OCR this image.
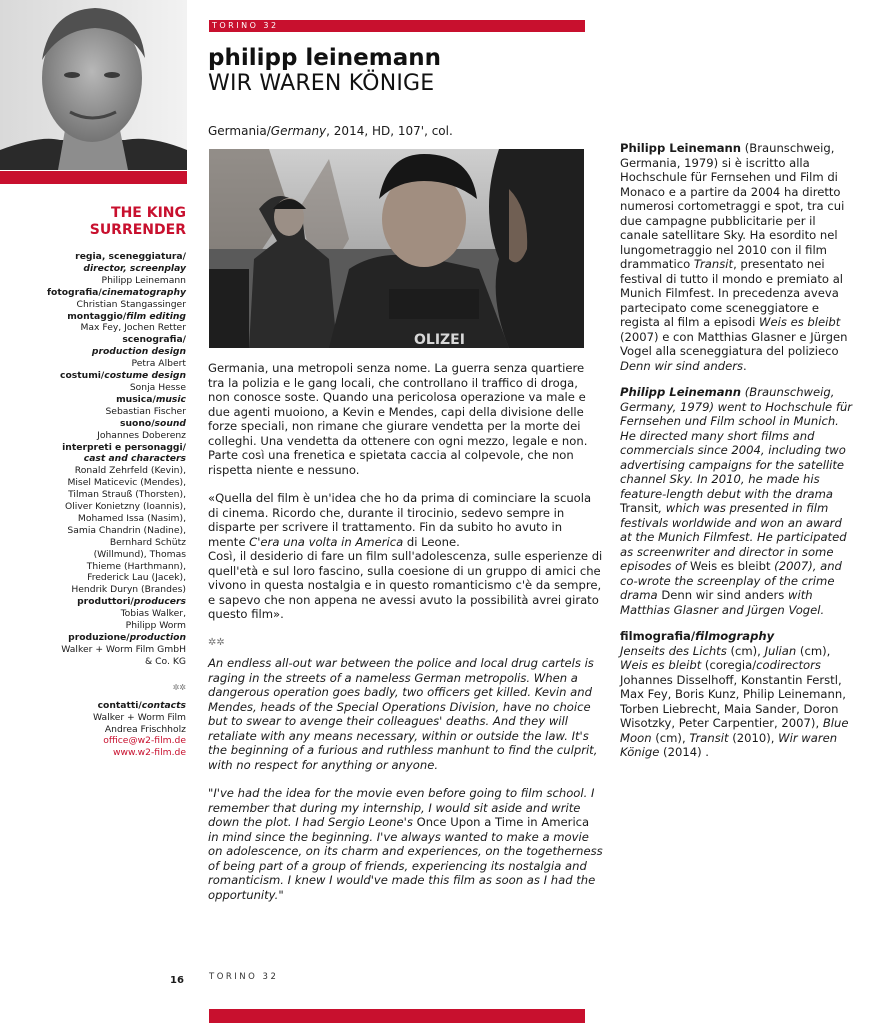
TORINO 32
philipp leinemann
WIR WAREN KÖNIGE
Germania/Germany, 2014, HD, 107', col.
OLIZEI
THE KING
SURRENDER
regia, sceneggiatura/
director, screenplay
Philipp Leinemann
fotografia/cinematography
Christian Stangassinger
montaggio/film editing
Max Fey, Jochen Retter
scenografia/
production design
Petra Albert
costumi/costume design
Sonja Hesse
musica/music
Sebastian Fischer
suono/sound
Johannes Doberenz
interpreti e personaggi/
cast and characters
Ronald Zehrfeld (Kevin),
Misel Maticevic (Mendes),
Tilman Strauß (Thorsten),
Oliver Konietzny (Ioannis),
Mohamed Issa (Nasim),
Samia Chandrin (Nadine),
Bernhard Schütz
(Willmund), Thomas
Thieme (Harthmann),
Frederick Lau (Jacek),
Hendrik Duryn (Brandes)
produttori/producers
Tobias Walker,
Philipp Worm
produzione/production
Walker + Worm Film GmbH
& Co. KG
✲✲
contatti/contacts
Walker + Worm Film
Andrea Frischholz
office@w2-film.de
www.w2-film.de

Germania, una metropoli senza nome. La guerra senza quartiere tra la polizia e le gang locali, che controllano il traffico di droga, non conosce soste. Quando una pericolosa operazione va male e due agenti muoiono, a Kevin e Mendes, capi della divisione delle forze speciali, non rimane che giurare vendetta per la morte dei colleghi. Una vendetta da ottenere con ogni mezzo, legale e non. Parte così una frenetica e spietata caccia al colpevole, che non rispetta niente e nessuno.

«Quella del film è un'idea che ho da prima di cominciare la scuola di cinema. Ricordo che, durante il tirocinio, sedevo sempre in disparte per scrivere il trattamento. Fin da subito ho avuto in mente C'era una volta in America di Leone.
Così, il desiderio di fare un film sull'adolescenza, sulle esperienze di quell'età e sul loro fascino, sulla coesione di un gruppo di amici che vivono in questa nostalgia e in questo romanticismo c'è da sempre, e sapevo che non appena ne avessi avuto la possibilità avrei girato questo film».

✲✲

An endless all-out war between the police and local drug cartels is raging in the streets of a nameless German metropolis. When a dangerous operation goes badly, two officers get killed. Kevin and Mendes, heads of the Special Operations Division, have no choice but to swear to avenge their colleagues' deaths. And they will retaliate with any means necessary, within or outside the law. It's the beginning of a furious and ruthless manhunt to find the culprit, with no respect for anything or anyone.

"I've had the idea for the movie even before going to film school. I remember that during my internship, I would sit aside and write down the plot. I had Sergio Leone's Once Upon a Time in America in mind since the beginning. I've always wanted to make a movie on adolescence, on its charm and experiences, on the togetherness of being part of a group of friends, experiencing its nostalgia and romanticism. I knew I would've made this film as soon as I had the opportunity."

Philipp Leinemann (Braunschweig, Germania, 1979) si è iscritto alla Hochschule für Fernsehen und Film di Monaco e a partire da 2004 ha diretto numerosi cortometraggi e spot, tra cui due campagne pubblicitarie per il canale satellitare Sky. Ha esordito nel lungometraggio nel 2010 con il film drammatico Transit, presentato nei festival di tutto il mondo e premiato al Munich Filmfest. In precedenza aveva partecipato come sceneggiatore e regista al film a episodi Weis es bleibt (2007) e con Matthias Glasner e Jürgen Vogel alla sceneggiatura del polizieco Denn wir sind anders.

Philipp Leinemann (Braunschweig, Germany, 1979) went to Hochschule für Fernsehen und Film school in Munich. He directed many short films and commercials since 2004, including two advertising campaigns for the satellite channel Sky. In 2010, he made his feature-length debut with the drama Transit, which was presented in film festivals worldwide and won an award at the Munich Filmfest. He participated as screenwriter and director in some episodes of Weis es bleibt (2007), and co-wrote the screenplay of the crime drama Denn wir sind anders with Matthias Glasner and Jürgen Vogel.

filmografia/filmography
Jenseits des Lichts (cm), Julian (cm), Weis es bleibt (coregia/codirectors Johannes Disselhoff, Konstantin Ferstl, Max Fey, Boris Kunz, Philip Leinemann, Torben Liebrecht, Maia Sander, Doron Wisotzky, Peter Carpentier, 2007), Blue Moon (cm), Transit (2010), Wir waren Könige (2014) .
16	TORINO 32
